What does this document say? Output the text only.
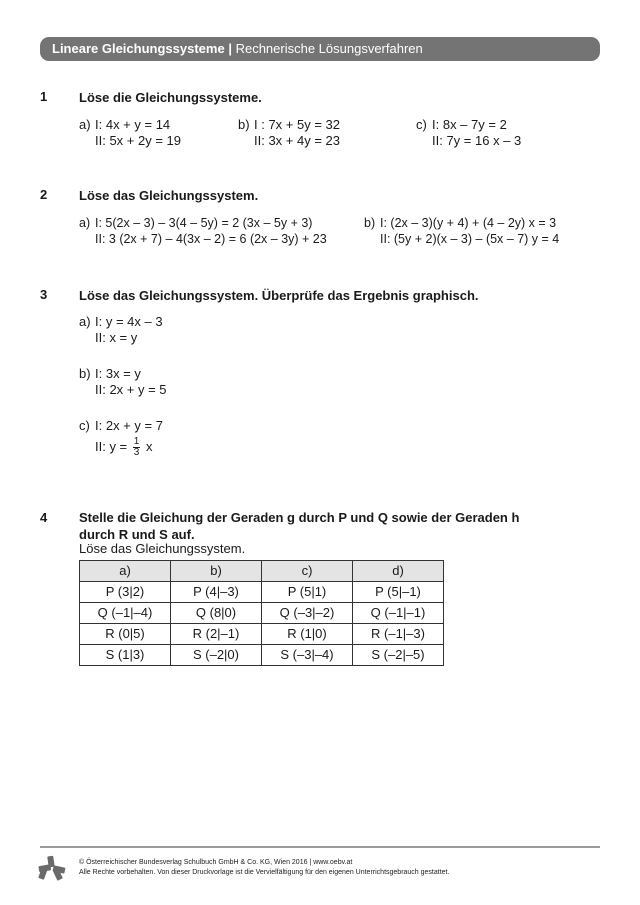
Lineare Gleichungssysteme | Rechnerische Lösungsverfahren
1 Löse die Gleichungssysteme.
a) I: 4x + y = 14
II: 5x + 2y = 19
b) I : 7x + 5y = 32
II: 3x + 4y = 23
c) I: 8x – 7y = 2
II: 7y = 16 x – 3
2 Löse das Gleichungssystem.
a) I: 5(2x – 3) – 3(4 – 5y) = 2 (3x – 5y + 3)
II: 3 (2x + 7) – 4(3x – 2) = 6 (2x – 3y) + 23
b) I: (2x – 3)(y + 4) + (4 – 2y) x = 3
II: (5y + 2)(x – 3) – (5x – 7) y = 4
3 Löse das Gleichungssystem. Überprüfe das Ergebnis graphisch.
a) I: y = 4x – 3
II: x = y
b) I: 3x = y
II: 2x + y = 5
c) I: 2x + y = 7
II: $y = \frac{1}{3}$ x
4 Stelle die Gleichung der Geraden g durch P und Q sowie der Geraden h
durch R und S auf.
Löse das Gleichungssystem.
a)	b)	c)	d)
P (3|2)	P (4|–3)	P (5|1)	P (5|–1)
Q (–1|–4)	Q (8|0)	Q (–3|–2)	Q (–1|–1)
R (0|5)	R (2|–1)	R (1|0)	R (–1|–3)
S (1|3)	S (–2|0)	S (–3|–4)	S (–2|–5)
© Österreichischer Bundesverlag Schulbuch GmbH & Co. KG, Wien 2016 | www.oebv.at
Alle Rechte vorbehalten. Von dieser Druckvorlage ist die Vervielfältigung für den eigenen Unterrichtsgebrauch gestattet.
